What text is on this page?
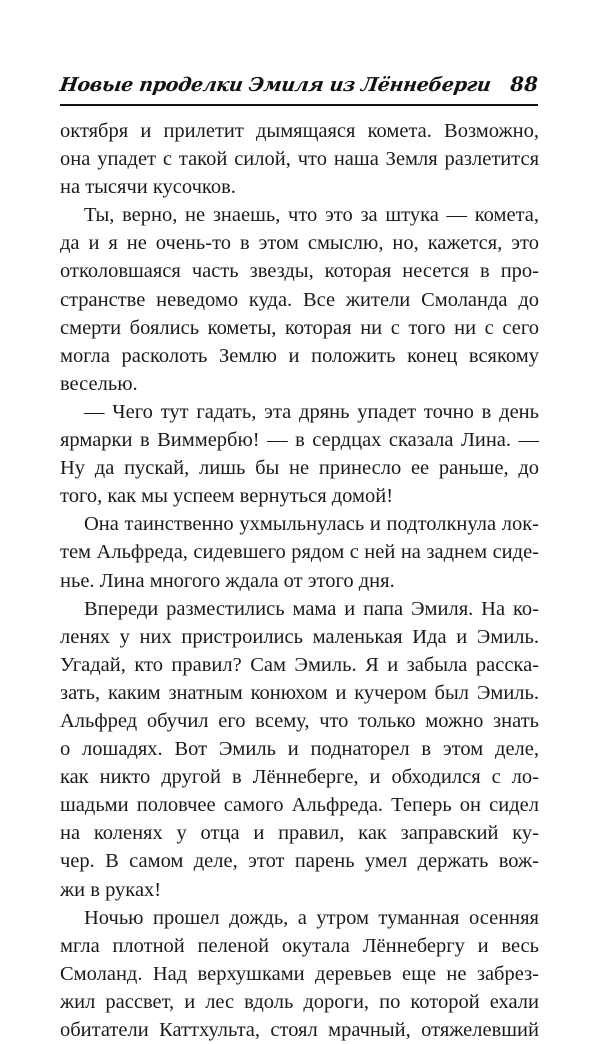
Новые проделки Эмиля из Лённеберги 88

октября и прилетит дымящаяся комета. Возможно,
она упадет с такой силой, что наша Земля разлетится
на тысячи кусочков.

Ты, верно, не знаешь, что это за штука — комета,
да и я не очень-то в этом смыслю, но, кажется, это
отколовшаяся часть звезды, которая несется в про-
странстве неведомо куда. Все жители Смоланда до
смерти боялись кометы, которая ни с того ни с сего
могла расколоть Землю и положить конец всякому
веселью.

— Чего тут гадать, эта дрянь упадет точно в день
ярмарки в Виммербю! — в сердцах сказала Лина. —
Ну да пускай, лишь бы не принесло ее раньше, до
того, как мы успеем вернуться домой!

Она таинственно ухмыльнулась и подтолкнула лок-
тем Альфреда, сидевшего рядом с ней на заднем сиде-
нье. Лина многого ждала от этого дня.

Впереди разместились мама и папа Эмиля. На ко-
ленях у них пристроились маленькая Ида и Эмиль.
Угадай, кто правил? Сам Эмиль. Я и забыла расска-
зать, каким знатным конюхом и кучером был Эмиль.
Альфред обучил его всему, что только можно знать
о лошадях. Вот Эмиль и поднаторел в этом деле,
как никто другой в Лённеберге, и обходился с ло-
шадьми половчее самого Альфреда. Теперь он сидел
на коленях у отца и правил, как заправский ку-
чер. В самом деле, этот парень умел держать вож-
жи в руках!

Ночью прошел дождь, а утром туманная осенняя
мгла плотной пеленой окутала Лённебергу и весь
Смоланд. Над верхушками деревьев еще не забрез-
жил рассвет, и лес вдоль дороги, по которой ехали
обитатели Каттхульта, стоял мрачный, отяжелевший
